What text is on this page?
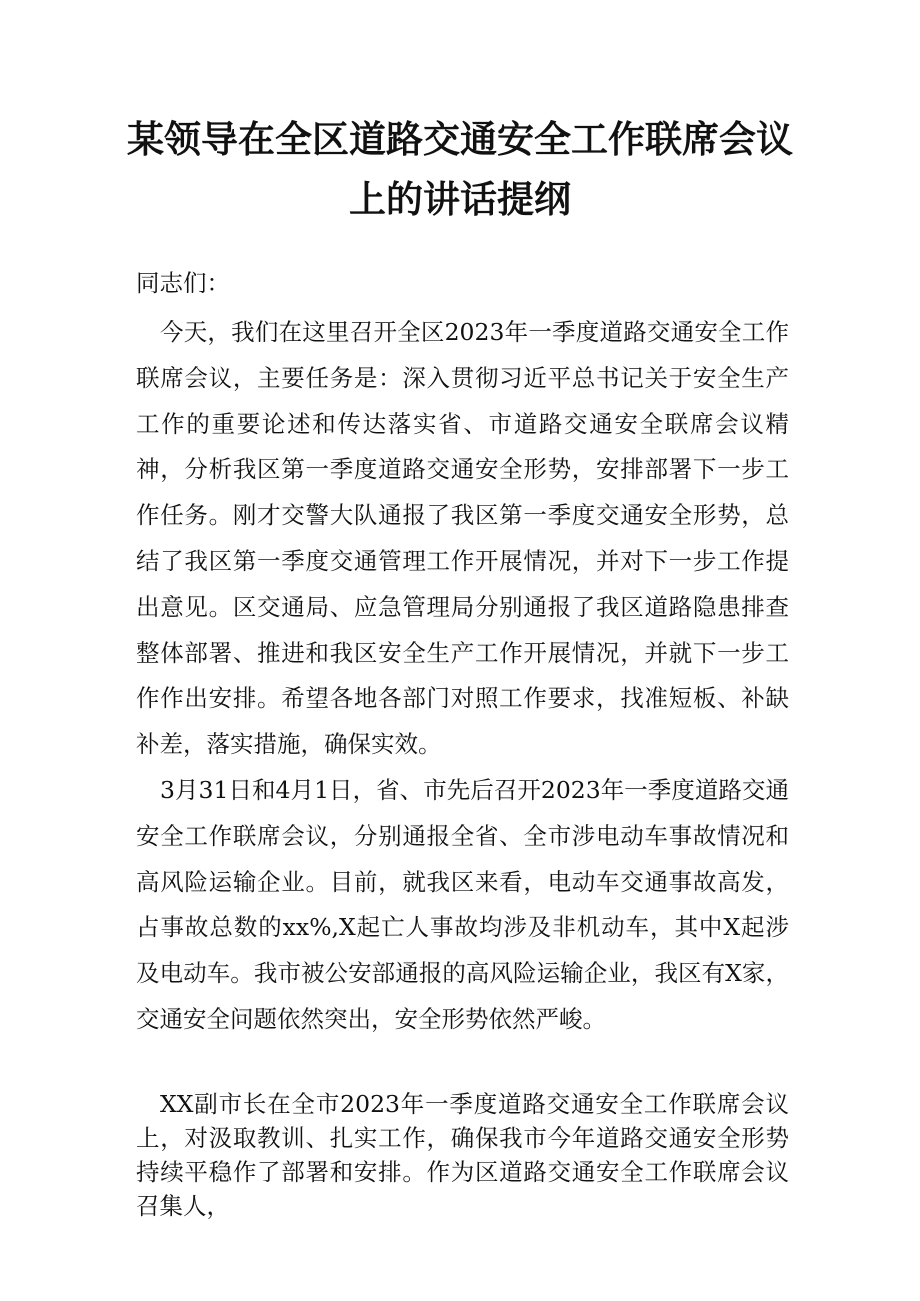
某领导在全区道路交通安全工作联席会议
上的讲话提纲

同志们：

今天，我们在这里召开全区2023年一季度道路交通安全工作联席会议，主要任务是：深入贯彻习近平总书记关于安全生产工作的重要论述和传达落实省、市道路交通安全联席会议精神，分析我区第一季度道路交通安全形势，安排部署下一步工作任务。刚才交警大队通报了我区第一季度交通安全形势，总结了我区第一季度交通管理工作开展情况，并对下一步工作提出意见。区交通局、应急管理局分别通报了我区道路隐患排查整体部署、推进和我区安全生产工作开展情况，并就下一步工作作出安排。希望各地各部门对照工作要求，找准短板、补缺补差，落实措施，确保实效。

3月31日和4月1日，省、市先后召开2023年一季度道路交通安全工作联席会议，分别通报全省、全市涉电动车事故情况和高风险运输企业。目前，就我区来看，电动车交通事故高发，占事故总数的xx%,X起亡人事故均涉及非机动车，其中X起涉及电动车。我市被公安部通报的高风险运输企业，我区有X家，交通安全问题依然突出，安全形势依然严峻。

XX副市长在全市2023年一季度道路交通安全工作联席会议上，对汲取教训、扎实工作，确保我市今年道路交通安全形势持续平稳作了部署和安排。作为区道路交通安全工作联席会议召集人，
